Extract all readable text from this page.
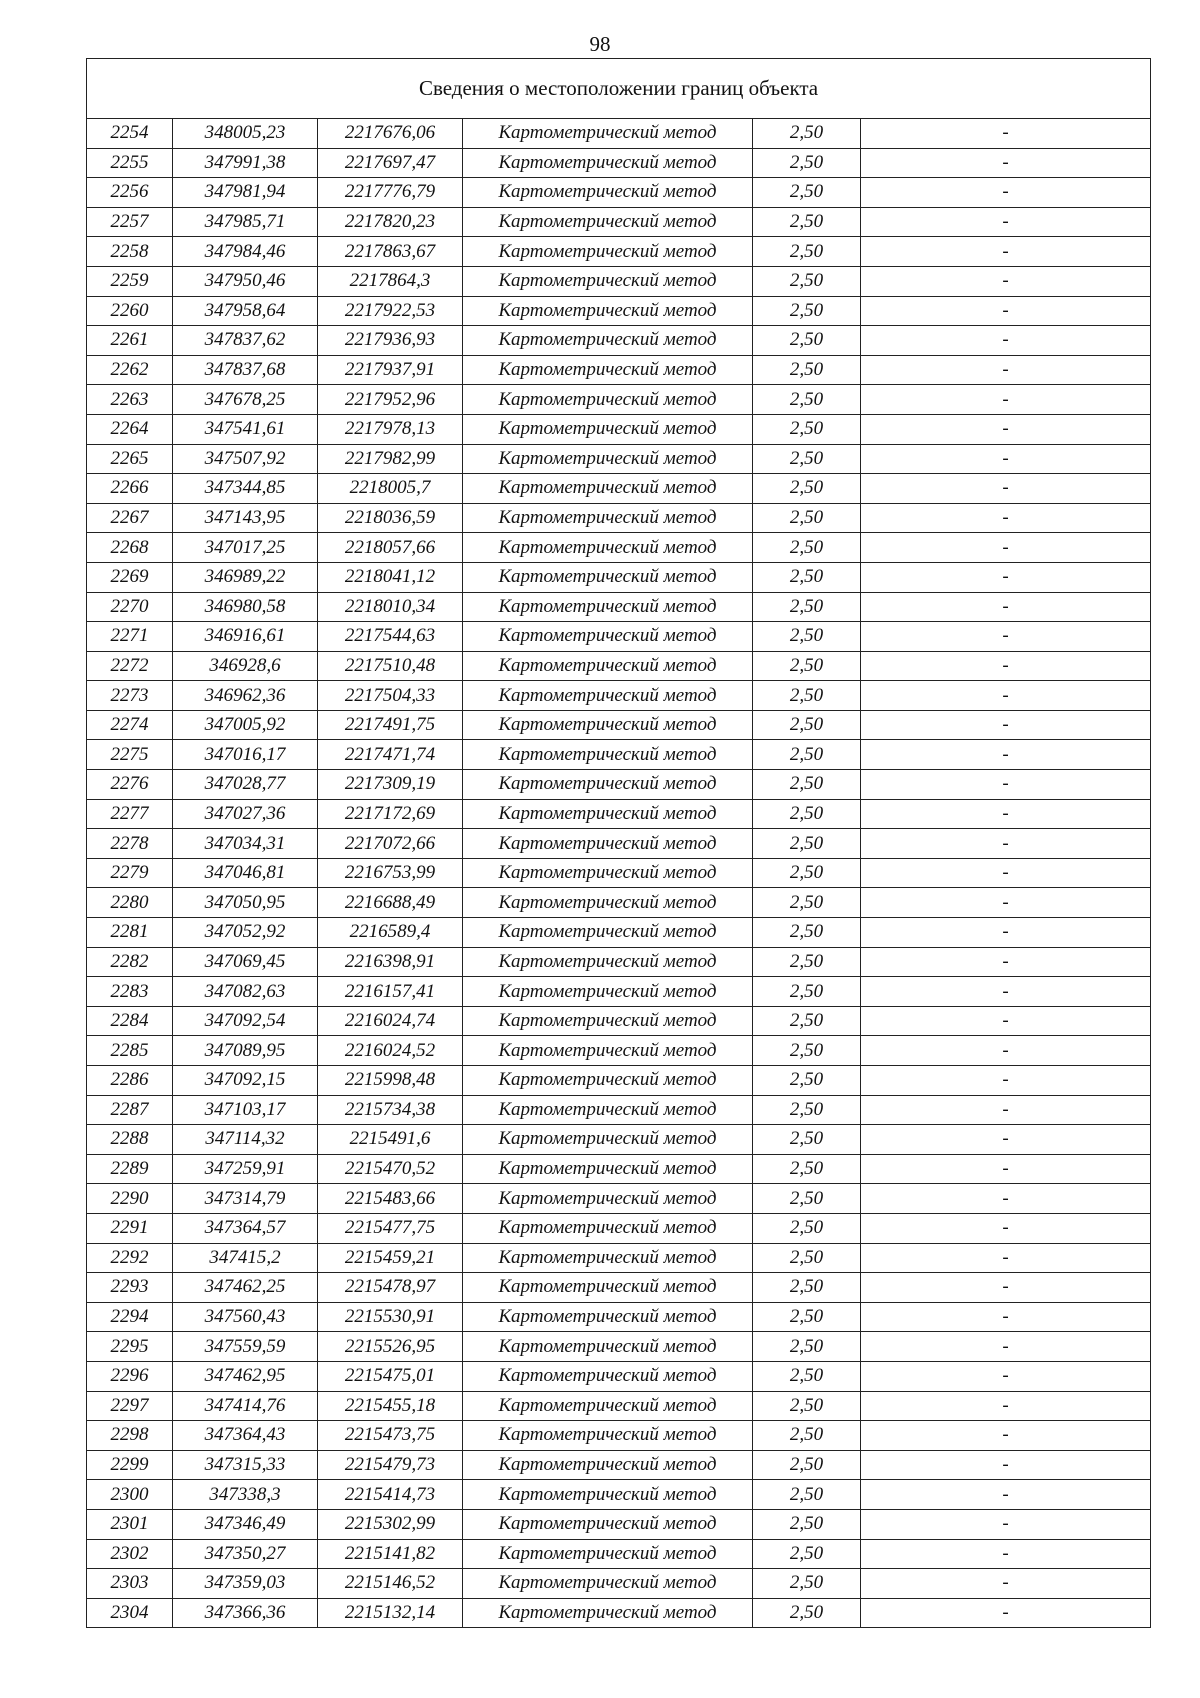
98
Сведения о местоположении границ объекта					
2254	348005,23	2217676,06	Картометрический метод	2,50	-
2255	347991,38	2217697,47	Картометрический метод	2,50	-
2256	347981,94	2217776,79	Картометрический метод	2,50	-
2257	347985,71	2217820,23	Картометрический метод	2,50	-
2258	347984,46	2217863,67	Картометрический метод	2,50	-
2259	347950,46	2217864,3	Картометрический метод	2,50	-
2260	347958,64	2217922,53	Картометрический метод	2,50	-
2261	347837,62	2217936,93	Картометрический метод	2,50	-
2262	347837,68	2217937,91	Картометрический метод	2,50	-
2263	347678,25	2217952,96	Картометрический метод	2,50	-
2264	347541,61	2217978,13	Картометрический метод	2,50	-
2265	347507,92	2217982,99	Картометрический метод	2,50	-
2266	347344,85	2218005,7	Картометрический метод	2,50	-
2267	347143,95	2218036,59	Картометрический метод	2,50	-
2268	347017,25	2218057,66	Картометрический метод	2,50	-
2269	346989,22	2218041,12	Картометрический метод	2,50	-
2270	346980,58	2218010,34	Картометрический метод	2,50	-
2271	346916,61	2217544,63	Картометрический метод	2,50	-
2272	346928,6	2217510,48	Картометрический метод	2,50	-
2273	346962,36	2217504,33	Картометрический метод	2,50	-
2274	347005,92	2217491,75	Картометрический метод	2,50	-
2275	347016,17	2217471,74	Картометрический метод	2,50	-
2276	347028,77	2217309,19	Картометрический метод	2,50	-
2277	347027,36	2217172,69	Картометрический метод	2,50	-
2278	347034,31	2217072,66	Картометрический метод	2,50	-
2279	347046,81	2216753,99	Картометрический метод	2,50	-
2280	347050,95	2216688,49	Картометрический метод	2,50	-
2281	347052,92	2216589,4	Картометрический метод	2,50	-
2282	347069,45	2216398,91	Картометрический метод	2,50	-
2283	347082,63	2216157,41	Картометрический метод	2,50	-
2284	347092,54	2216024,74	Картометрический метод	2,50	-
2285	347089,95	2216024,52	Картометрический метод	2,50	-
2286	347092,15	2215998,48	Картометрический метод	2,50	-
2287	347103,17	2215734,38	Картометрический метод	2,50	-
2288	347114,32	2215491,6	Картометрический метод	2,50	-
2289	347259,91	2215470,52	Картометрический метод	2,50	-
2290	347314,79	2215483,66	Картометрический метод	2,50	-
2291	347364,57	2215477,75	Картометрический метод	2,50	-
2292	347415,2	2215459,21	Картометрический метод	2,50	-
2293	347462,25	2215478,97	Картометрический метод	2,50	-
2294	347560,43	2215530,91	Картометрический метод	2,50	-
2295	347559,59	2215526,95	Картометрический метод	2,50	-
2296	347462,95	2215475,01	Картометрический метод	2,50	-
2297	347414,76	2215455,18	Картометрический метод	2,50	-
2298	347364,43	2215473,75	Картометрический метод	2,50	-
2299	347315,33	2215479,73	Картометрический метод	2,50	-
2300	347338,3	2215414,73	Картометрический метод	2,50	-
2301	347346,49	2215302,99	Картометрический метод	2,50	-
2302	347350,27	2215141,82	Картометрический метод	2,50	-
2303	347359,03	2215146,52	Картометрический метод	2,50	-
2304	347366,36	2215132,14	Картометрический метод	2,50	-
